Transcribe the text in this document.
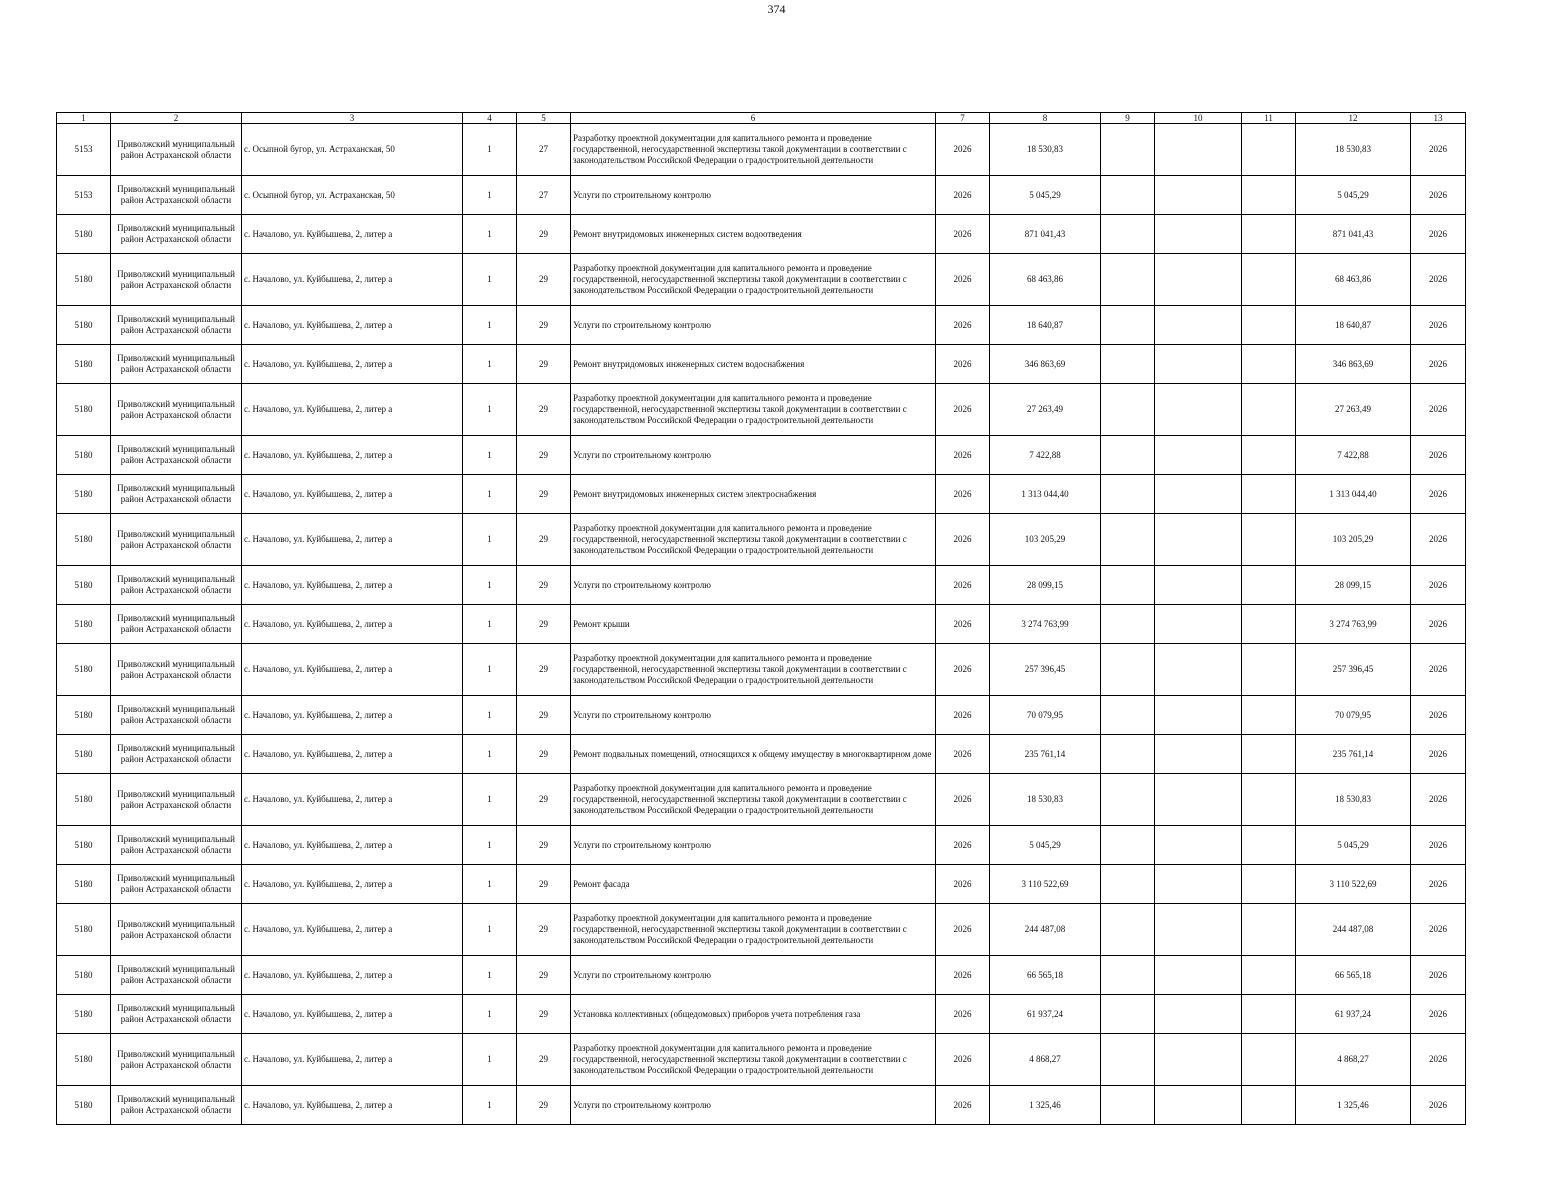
374
1	2	3	4	5	6	7	8	9	10	11	12	13
5153	Приволжский муниципальный район Астраханской области	с. Осыпной бугор, ул. Астраханская, 50	1	27	Разработку проектной документации для капитального ремонта и проведение государственной, негосударственной экспертизы такой документации в соответствии с законодательством Российской Федерации о градостроительной деятельности	2026	18 530,83				18 530,83	2026
5153	Приволжский муниципальный район Астраханской области	с. Осыпной бугор, ул. Астраханская, 50	1	27	Услуги по строительному контролю	2026	5 045,29				5 045,29	2026
5180	Приволжский муниципальный район Астраханской области	с. Началово, ул. Куйбышева, 2, литер а	1	29	Ремонт внутридомовых инженерных систем водоотведения	2026	871 041,43				871 041,43	2026
5180	Приволжский муниципальный район Астраханской области	с. Началово, ул. Куйбышева, 2, литер а	1	29	Разработку проектной документации для капитального ремонта и проведение государственной, негосударственной экспертизы такой документации в соответствии с законодательством Российской Федерации о градостроительной деятельности	2026	68 463,86				68 463,86	2026
5180	Приволжский муниципальный район Астраханской области	с. Началово, ул. Куйбышева, 2, литер а	1	29	Услуги по строительному контролю	2026	18 640,87				18 640,87	2026
5180	Приволжский муниципальный район Астраханской области	с. Началово, ул. Куйбышева, 2, литер а	1	29	Ремонт внутридомовых инженерных систем водоснабжения	2026	346 863,69				346 863,69	2026
5180	Приволжский муниципальный район Астраханской области	с. Началово, ул. Куйбышева, 2, литер а	1	29	Разработку проектной документации для капитального ремонта и проведение государственной, негосударственной экспертизы такой документации в соответствии с законодательством Российской Федерации о градостроительной деятельности	2026	27 263,49				27 263,49	2026
5180	Приволжский муниципальный район Астраханской области	с. Началово, ул. Куйбышева, 2, литер а	1	29	Услуги по строительному контролю	2026	7 422,88				7 422,88	2026
5180	Приволжский муниципальный район Астраханской области	с. Началово, ул. Куйбышева, 2, литер а	1	29	Ремонт внутридомовых инженерных систем электроснабжения	2026	1 313 044,40				1 313 044,40	2026
5180	Приволжский муниципальный район Астраханской области	с. Началово, ул. Куйбышева, 2, литер а	1	29	Разработку проектной документации для капитального ремонта и проведение государственной, негосударственной экспертизы такой документации в соответствии с законодательством Российской Федерации о градостроительной деятельности	2026	103 205,29				103 205,29	2026
5180	Приволжский муниципальный район Астраханской области	с. Началово, ул. Куйбышева, 2, литер а	1	29	Услуги по строительному контролю	2026	28 099,15				28 099,15	2026
5180	Приволжский муниципальный район Астраханской области	с. Началово, ул. Куйбышева, 2, литер а	1	29	Ремонт крыши	2026	3 274 763,99				3 274 763,99	2026
5180	Приволжский муниципальный район Астраханской области	с. Началово, ул. Куйбышева, 2, литер а	1	29	Разработку проектной документации для капитального ремонта и проведение государственной, негосударственной экспертизы такой документации в соответствии с законодательством Российской Федерации о градостроительной деятельности	2026	257 396,45				257 396,45	2026
5180	Приволжский муниципальный район Астраханской области	с. Началово, ул. Куйбышева, 2, литер а	1	29	Услуги по строительному контролю	2026	70 079,95				70 079,95	2026
5180	Приволжский муниципальный район Астраханской области	с. Началово, ул. Куйбышева, 2, литер а	1	29	Ремонт подвальных помещений, относящихся к общему имуществу в многоквартирном доме	2026	235 761,14				235 761,14	2026
5180	Приволжский муниципальный район Астраханской области	с. Началово, ул. Куйбышева, 2, литер а	1	29	Разработку проектной документации для капитального ремонта и проведение государственной, негосударственной экспертизы такой документации в соответствии с законодательством Российской Федерации о градостроительной деятельности	2026	18 530,83				18 530,83	2026
5180	Приволжский муниципальный район Астраханской области	с. Началово, ул. Куйбышева, 2, литер а	1	29	Услуги по строительному контролю	2026	5 045,29				5 045,29	2026
5180	Приволжский муниципальный район Астраханской области	с. Началово, ул. Куйбышева, 2, литер а	1	29	Ремонт фасада	2026	3 110 522,69				3 110 522,69	2026
5180	Приволжский муниципальный район Астраханской области	с. Началово, ул. Куйбышева, 2, литер а	1	29	Разработку проектной документации для капитального ремонта и проведение государственной, негосударственной экспертизы такой документации в соответствии с законодательством Российской Федерации о градостроительной деятельности	2026	244 487,08				244 487,08	2026
5180	Приволжский муниципальный район Астраханской области	с. Началово, ул. Куйбышева, 2, литер а	1	29	Услуги по строительному контролю	2026	66 565,18				66 565,18	2026
5180	Приволжский муниципальный район Астраханской области	с. Началово, ул. Куйбышева, 2, литер а	1	29	Установка коллективных (общедомовых) приборов учета потребления газа	2026	61 937,24				61 937,24	2026
5180	Приволжский муниципальный район Астраханской области	с. Началово, ул. Куйбышева, 2, литер а	1	29	Разработку проектной документации для капитального ремонта и проведение государственной, негосударственной экспертизы такой документации в соответствии с законодательством Российской Федерации о градостроительной деятельности	2026	4 868,27				4 868,27	2026
5180	Приволжский муниципальный район Астраханской области	с. Началово, ул. Куйбышева, 2, литер а	1	29	Услуги по строительному контролю	2026	1 325,46				1 325,46	2026
